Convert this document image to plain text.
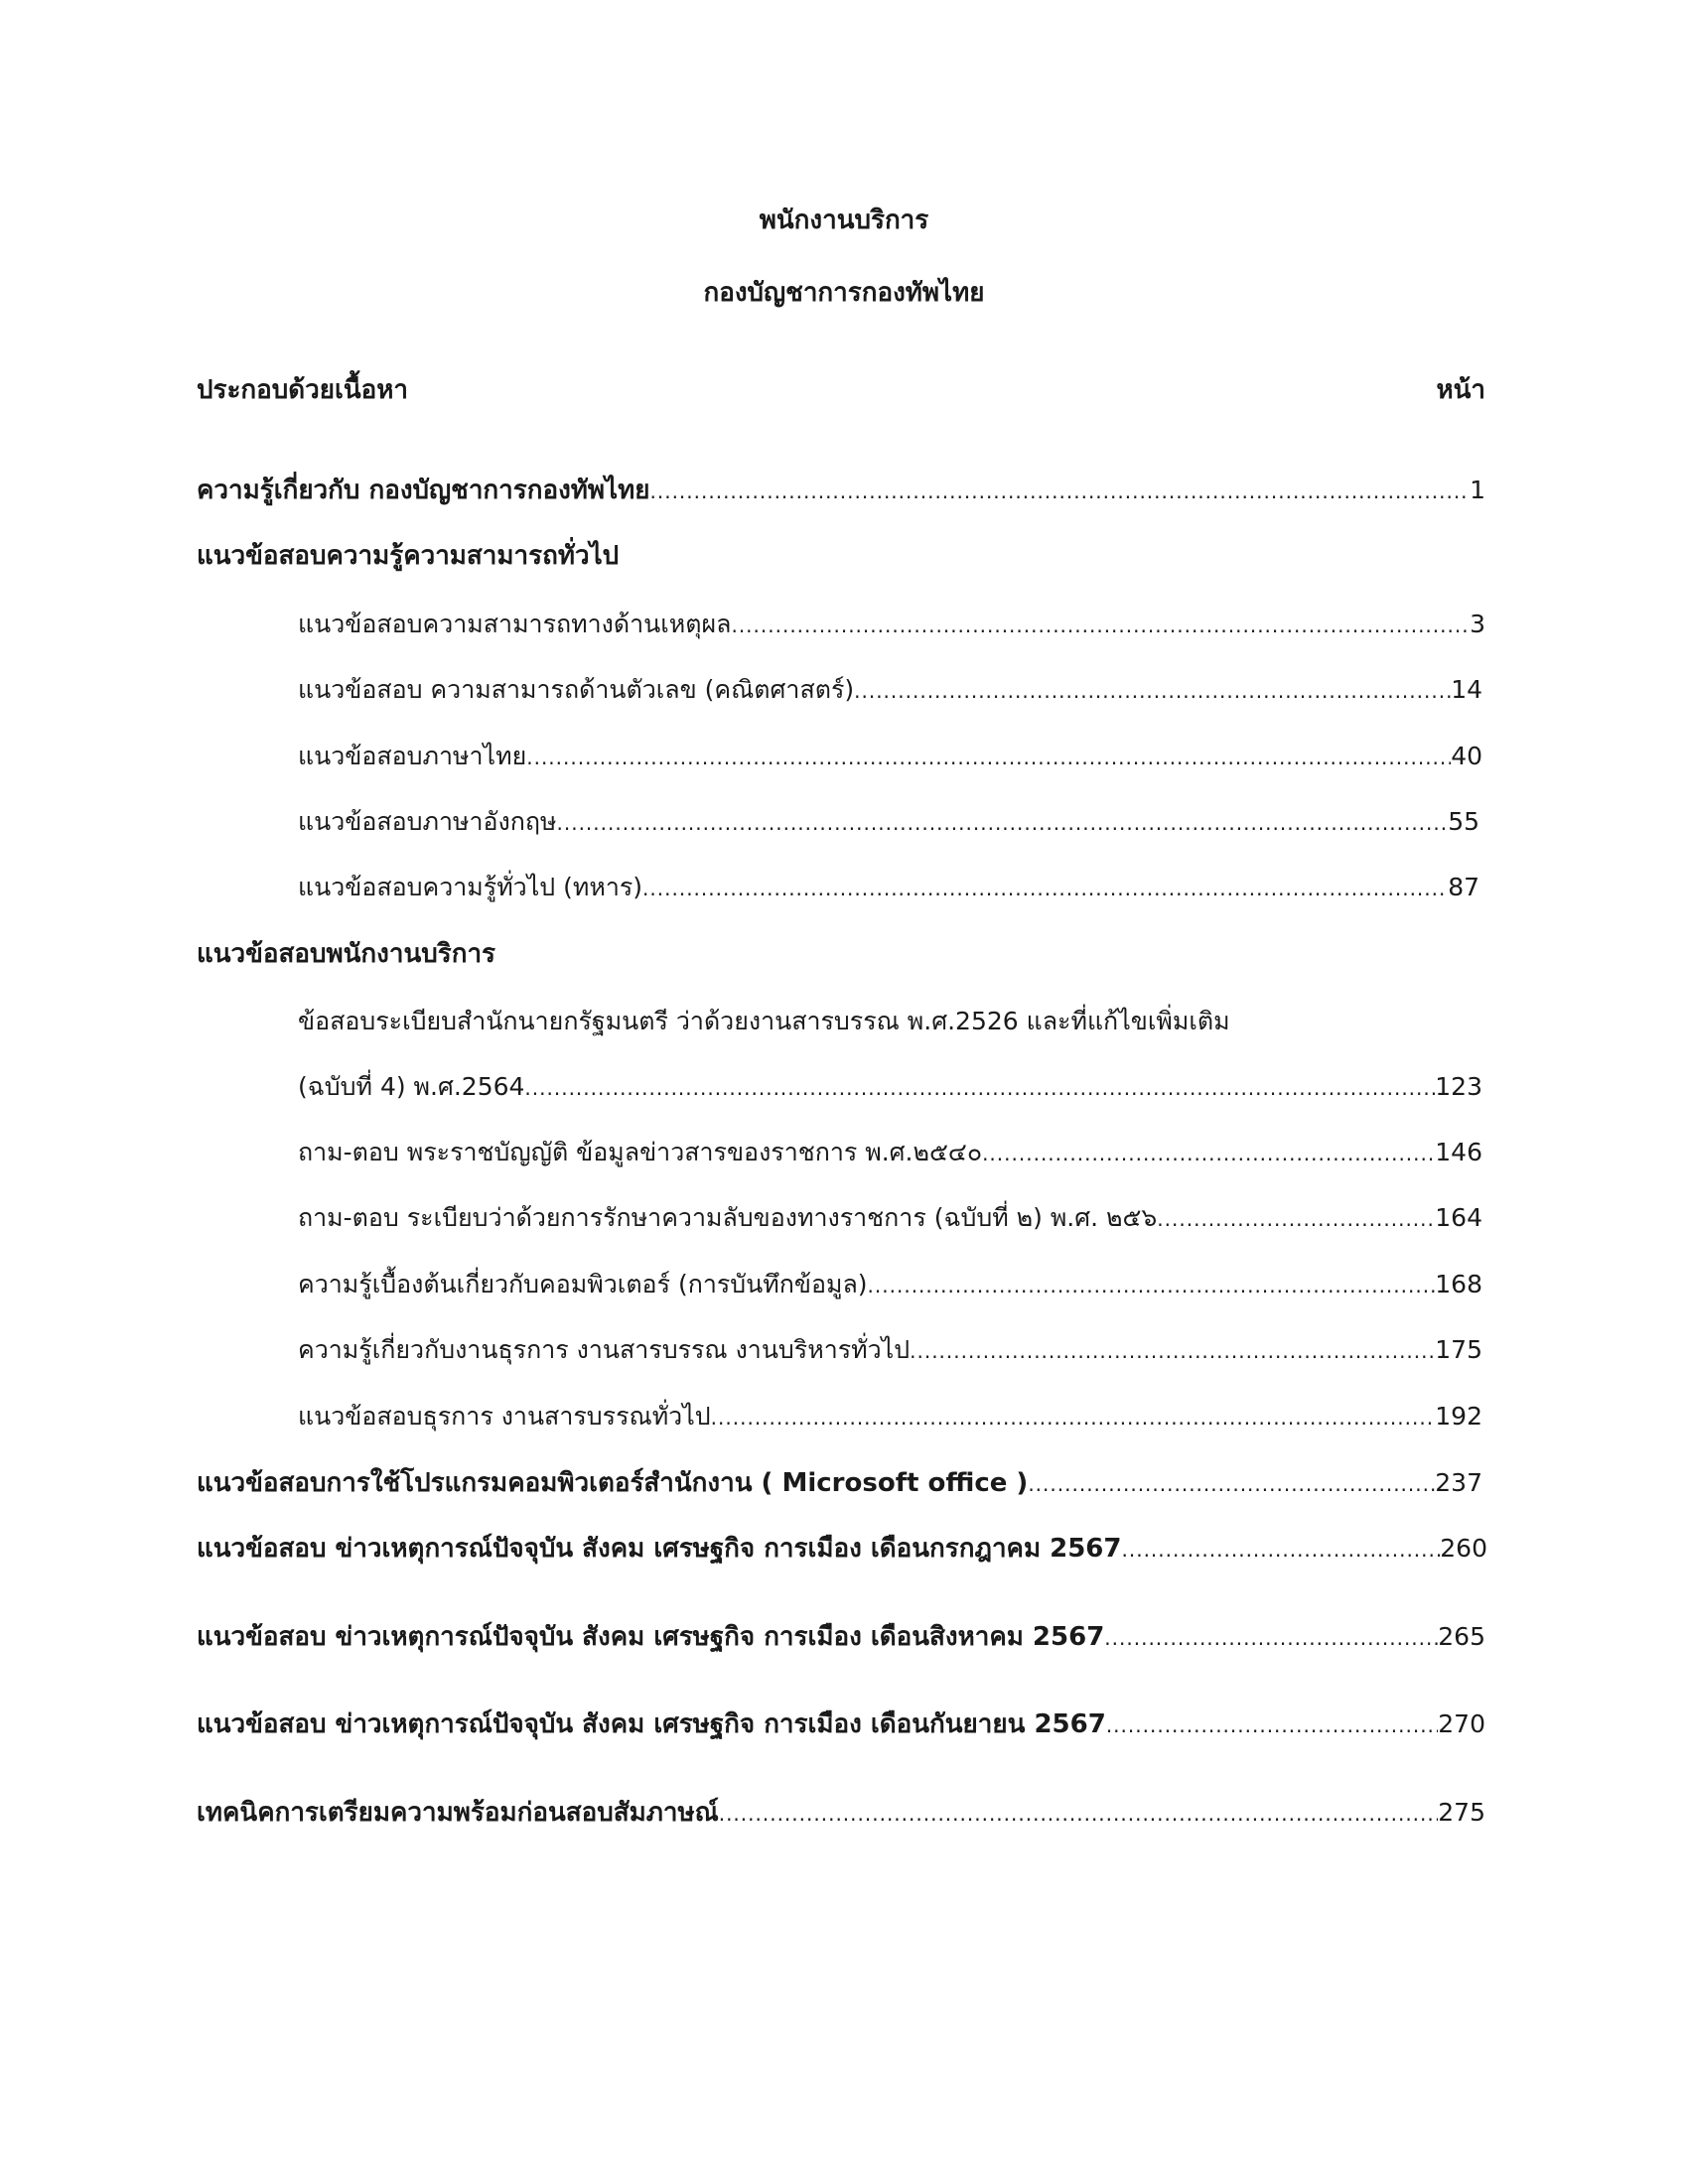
พนักงานบริการ
กองบัญชาการกองทัพไทย
ประกอบด้วยเนื้อหา	หน้า
ความรู้เกี่ยวกับ กองบัญชาการกองทัพไทย .....	1
แนวข้อสอบความรู้ความสามารถทั่วไป
แนวข้อสอบความสามารถทางด้านเหตุผล .....	3
แนวข้อสอบ ความสามารถด้านตัวเลข (คณิตศาสตร์) .....	14
แนวข้อสอบภาษาไทย .....	40
แนวข้อสอบภาษาอังกฤษ .....	55
แนวข้อสอบความรู้ทั่วไป (ทหาร) .....	87
แนวข้อสอบพนักงานบริการ
ข้อสอบระเบียบสำนักนายกรัฐมนตรี ว่าด้วยงานสารบรรณ พ.ศ.2526 และที่แก้ไขเพิ่มเติม
(ฉบับที่ 4) พ.ศ.2564 .....	123
ถาม-ตอบ พระราชบัญญัติ ข้อมูลข่าวสารของราชการ พ.ศ.๒๕๔๐ .....	146
ถาม-ตอบ ระเบียบว่าด้วยการรักษาความลับของทางราชการ (ฉบับที่ ๒) พ.ศ. ๒๕๖ .....	164
ความรู้เบื้องต้นเกี่ยวกับคอมพิวเตอร์ (การบันทึกข้อมูล) .....	168
ความรู้เกี่ยวกับงานธุรการ งานสารบรรณ งานบริหารทั่วไป .....	175
แนวข้อสอบธุรการ งานสารบรรณทั่วไป .....	192
แนวข้อสอบการใช้โปรแกรมคอมพิวเตอร์สำนักงาน ( Microsoft office ) .....	237
แนวข้อสอบ ข่าวเหตุการณ์ปัจจุบัน สังคม เศรษฐกิจ การเมือง เดือนกรกฎาคม 2567 .....	260
แนวข้อสอบ ข่าวเหตุการณ์ปัจจุบัน สังคม เศรษฐกิจ การเมือง เดือนสิงหาคม 2567 .....	265
แนวข้อสอบ ข่าวเหตุการณ์ปัจจุบัน สังคม เศรษฐกิจ การเมือง เดือนกันยายน 2567 .....	270
เทคนิคการเตรียมความพร้อมก่อนสอบสัมภาษณ์ .....	275
